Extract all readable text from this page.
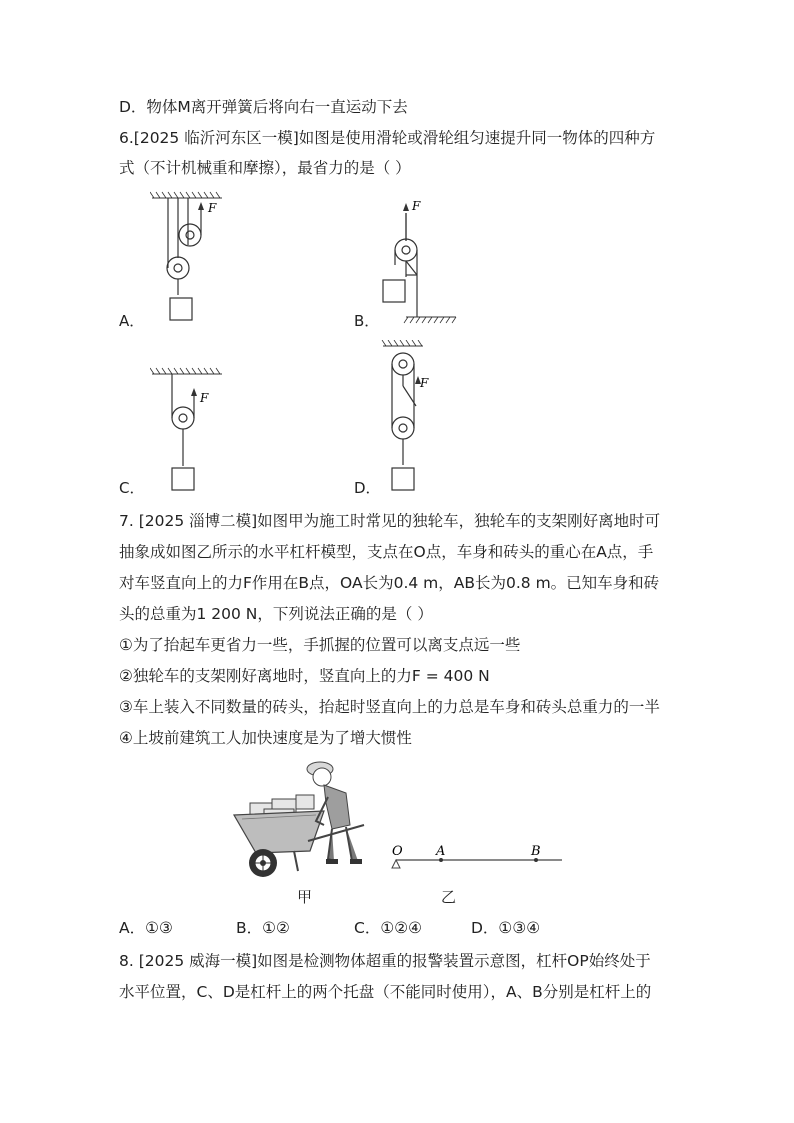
D．物体M离开弹簧后将向右一直运动下去
6.[2025 临沂河东区一模]如图是使用滑轮或滑轮组匀速提升同一物体的四种方
式（不计机械重和摩擦），最省力的是（ ）
F
A．
F
B．
F
C．
F
D．
7. [2025 淄博二模]如图甲为施工时常见的独轮车，独轮车的支架刚好离地时可
抽象成如图乙所示的水平杠杆模型，支点在O点，车身和砖头的重心在A点，手
对车竖直向上的力F作用在B点，OA长为0.4 m，AB长为0.8 m。已知车身和砖
头的总重为1 200 N，下列说法正确的是（ ）
①为了抬起车更省力一些，手抓握的位置可以离支点远一些
②独轮车的支架刚好离地时，竖直向上的力F = 400 N
③车上装入不同数量的砖头，抬起时竖直向上的力总是车身和砖头总重力的一半
④上坡前建筑工人加快速度是为了增大惯性
甲
O	A	B
乙
A．①③	B．①②	C．①②④	D．①③④
8. [2025 威海一模]如图是检测物体超重的报警装置示意图，杠杆OP始终处于
水平位置，C、D是杠杆上的两个托盘（不能同时使用），A、B分别是杠杆上的
